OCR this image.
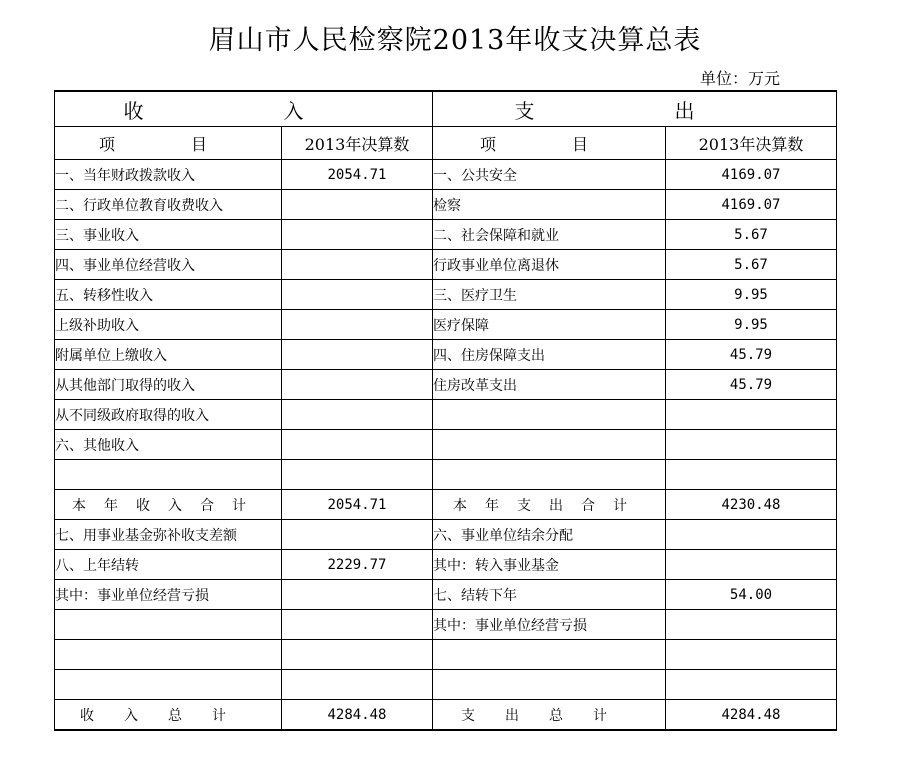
眉山市人民检察院2013年收支决算总表
单位：万元
收　入		支　出	
项　目	2013年决算数	项　目	2013年决算数
一、当年财政拨款收入	2054.71	一、公共安全	4169.07
二、行政单位教育收费收入		检察	4169.07
三、事业收入		二、社会保障和就业	5.67
四、事业单位经营收入		行政事业单位离退休	5.67
五、转移性收入		三、医疗卫生	9.95
上级补助收入		医疗保障	9.95
附属单位上缴收入		四、住房保障支出	45.79
从其他部门取得的收入		住房改革支出	45.79
从不同级政府取得的收入			
六、其他收入			

本年收入合计	2054.71	本年支出合计	4230.48
七、用事业基金弥补收支差额		六、事业单位结余分配	
八、上年结转	2229.77	其中：转入事业基金	
其中：事业单位经营亏损		七、结转下年	54.00
		其中：事业单位经营亏损	

收入总计	4284.48	支出总计	4284.48
